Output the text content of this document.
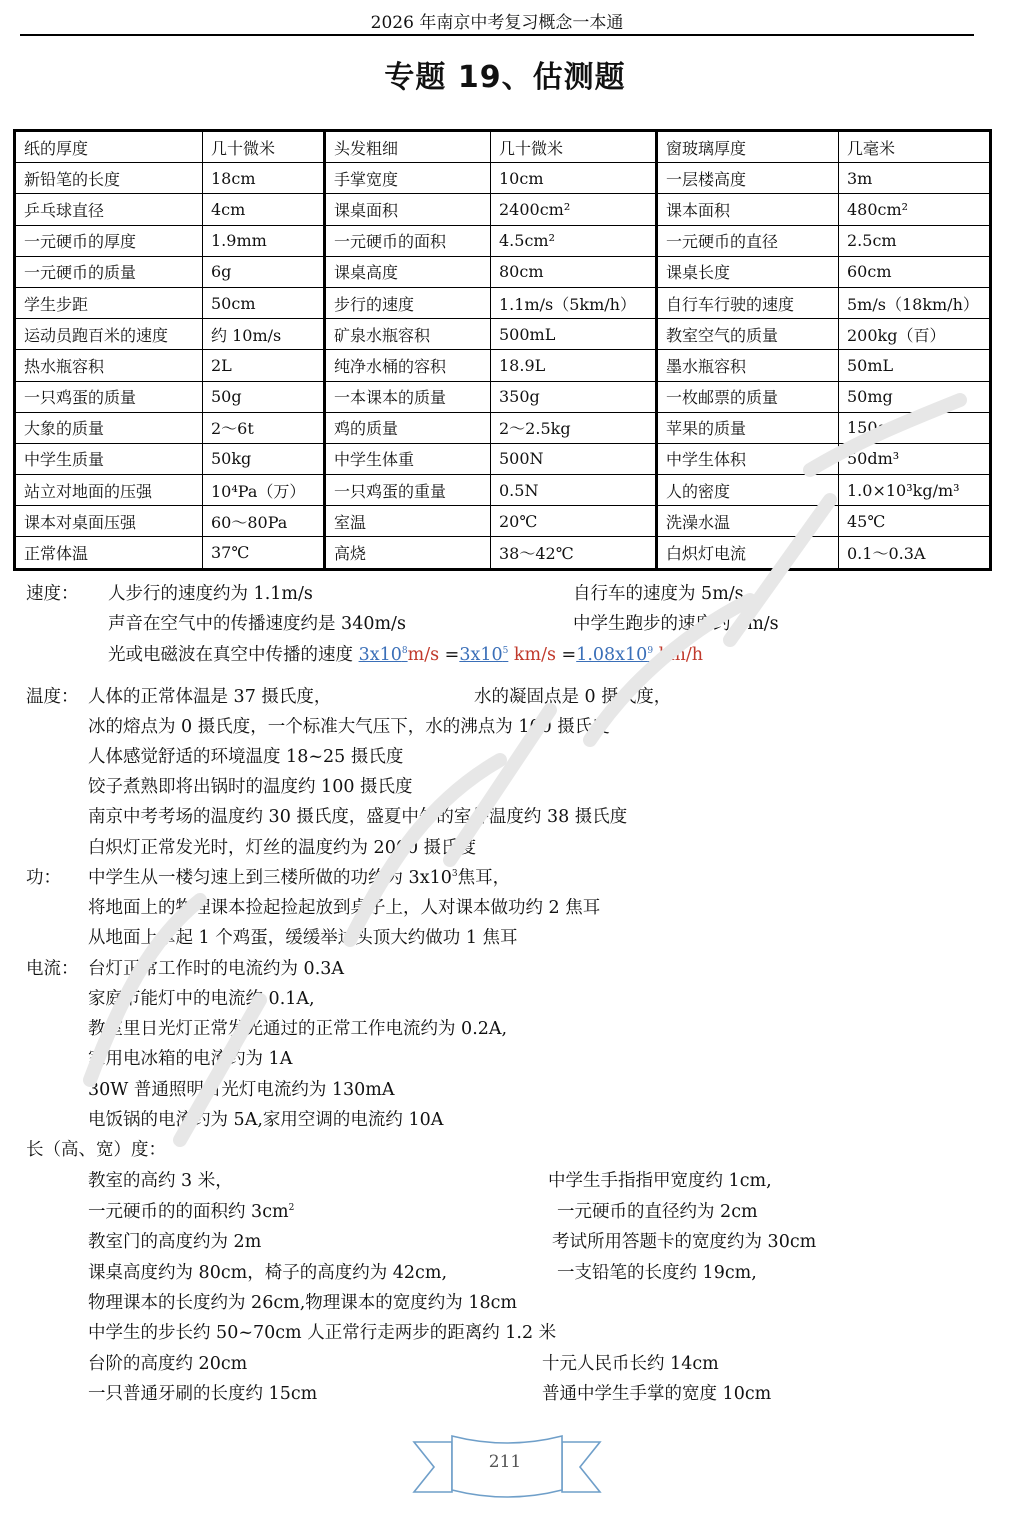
2026 年南京中考复习概念一本通
专题 19、估测题
纸的厚度	几十微米	头发粗细	几十微米	窗玻璃厚度	几毫米
新铅笔的长度	18cm	手掌宽度	10cm	一层楼高度	3m
乒乓球直径	4cm	课桌面积	2400cm²	课本面积	480cm²
一元硬币的厚度	1.9mm	一元硬币的面积	4.5cm²	一元硬币的直径	2.5cm
一元硬币的质量	6g	课桌高度	80cm	课桌长度	60cm
学生步距	50cm	步行的速度	1.1m/s（5km/h）	自行车行驶的速度	5m/s（18km/h）
运动员跑百米的速度	约 10m/s	矿泉水瓶容积	500mL	教室空气的质量	200kg（百）
热水瓶容积	2L	纯净水桶的容积	18.9L	墨水瓶容积	50mL
一只鸡蛋的质量	50g	一本课本的质量	350g	一枚邮票的质量	50mg
大象的质量	2～6t	鸡的质量	2～2.5kg	苹果的质量	150g
中学生质量	50kg	中学生体重	500N	中学生体积	50dm³
站立对地面的压强	10⁴Pa（万）	一只鸡蛋的重量	0.5N	人的密度	1.0×10³kg/m³
课本对桌面压强	60～80Pa	室温	20℃	洗澡水温	45℃
正常体温	37℃	高烧	38～42℃	白炽灯电流	0.1～0.3A
速度： 人步行的速度约为 1.1m/s	自行车的速度为 5m/s
声音在空气中的传播速度约是 340m/s	中学生跑步的速度约 4m/s
光或电磁波在真空中传播的速度 $3x10^8m/s =3x10^5$ $km/s =1.08x10^9$ km/h
温度： 人体的正常体温是 37 摄氏度，	水的凝固点是 0 摄氏度，
冰的熔点为 0 摄氏度，一个标准大气压下，水的沸点为 100 摄氏度
人体感觉舒适的环境温度 18~25 摄氏度
饺子煮熟即将出锅时的温度约 100 摄氏度
南京中考考场的温度约 30 摄氏度，盛夏中午的室外温度约 38 摄氏度
白炽灯正常发光时，灯丝的温度约为 2000 摄氏度
功： 中学生从一楼匀速上到三楼所做的功约为 $3x10^3$焦耳，
将地面上的物理课本捡起捡起放到桌子上，人对课本做功约 2 焦耳
从地面上拿起 1 个鸡蛋，缓缓举过头顶大约做功 1 焦耳
电流： 台灯正常工作时的电流约为 0.3A
家庭节能灯中的电流约 0.1A,
教室里日光灯正常发光通过的正常工作电流约为 0.2A,
家用电冰箱的电流约为 1A
30W 普通照明日光灯电流约为 130mA
电饭锅的电流约为 5A,家用空调的电流约 10A
长（高、宽）度：
教室的高约 3 米，	中学生手指指甲宽度约 1cm,
一元硬币的的面积约 $3cm^2$	一元硬币的直径约为 2cm
教室门的高度约为 2m	考试所用答题卡的宽度约为 30cm
课桌高度约为 80cm，椅子的高度约为 42cm,	一支铅笔的长度约 19cm,
物理课本的长度约为 26cm,物理课本的宽度约为 18cm
中学生的步长约 50~70cm 人正常行走两步的距离约 1.2 米
台阶的高度约 20cm	十元人民币长约 14cm
一只普通牙刷的长度约 15cm	普通中学生手掌的宽度 10cm
211
